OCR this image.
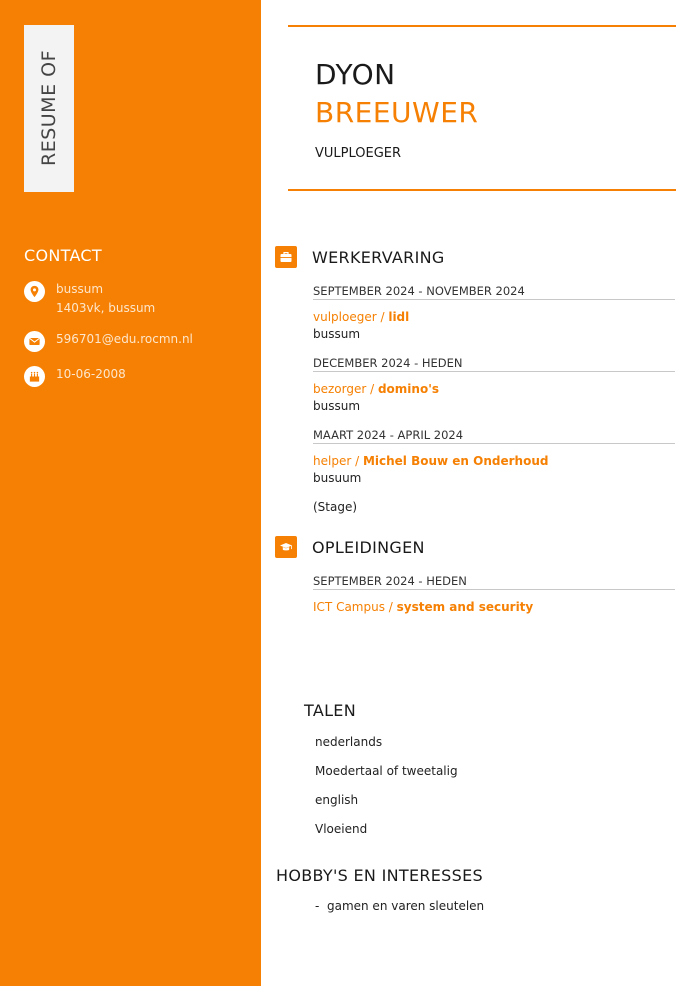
RESUME OF
CONTACT
bussum
1403vk, bussum
596701@edu.rocmn.nl
10-06-2008
DYON
BREEUWER
VULPLOEGER
WERKERVARING
SEPTEMBER 2024 - NOVEMBER 2024
vulploeger / lidl
bussum
DECEMBER 2024 - HEDEN
bezorger / domino's
bussum
MAART 2024 - APRIL 2024
helper / Michel Bouw en Onderhoud
busuum
(Stage)
OPLEIDINGEN
SEPTEMBER 2024 - HEDEN
ICT Campus / system and security
TALEN
nederlands
Moedertaal of tweetalig
english
Vloeiend
HOBBY'S EN INTERESSES
-  gamen en varen sleutelen
